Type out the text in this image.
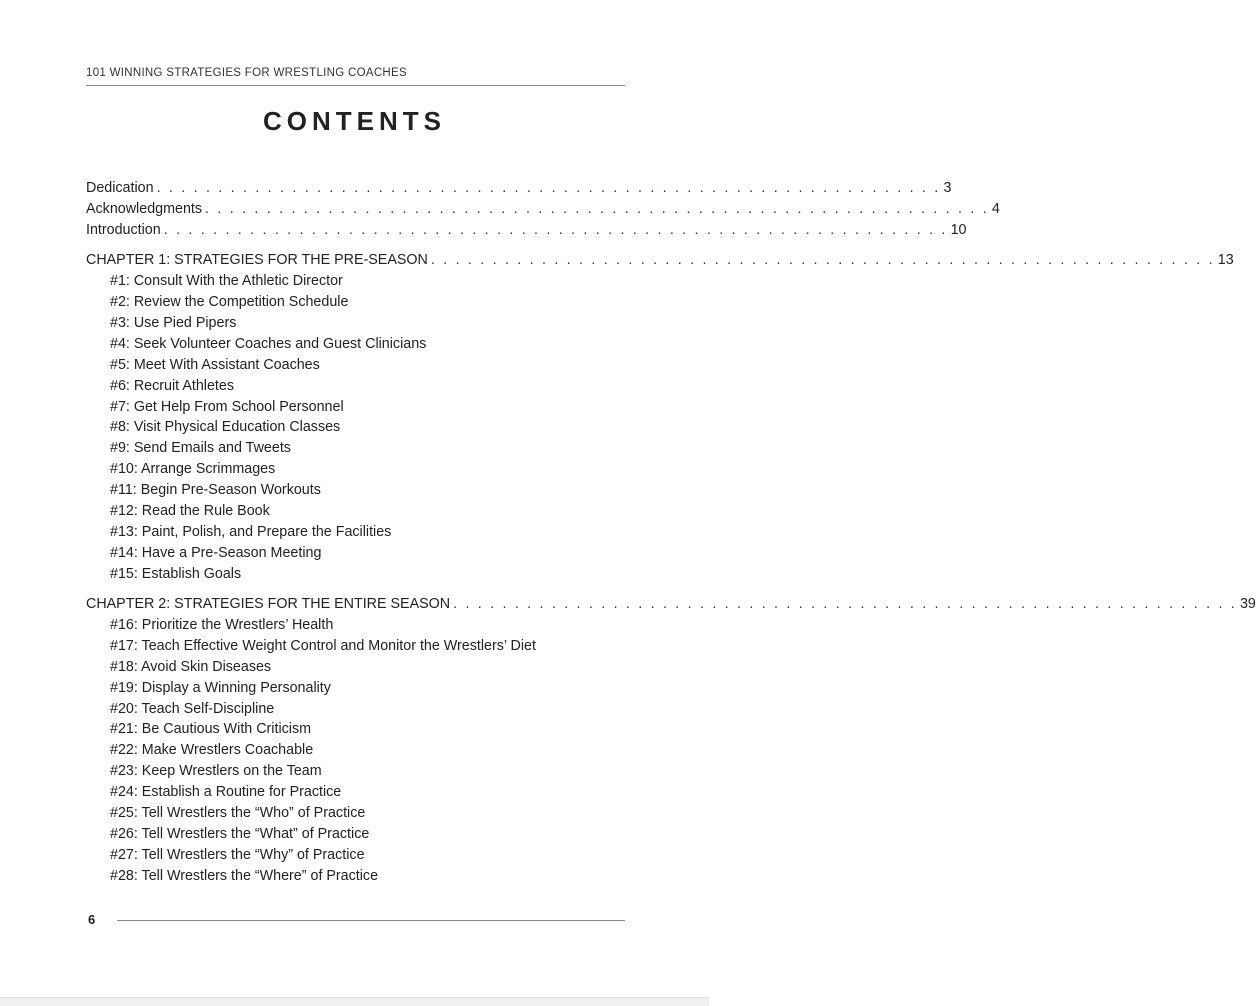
101 WINNING STRATEGIES FOR WRESTLING COACHES
CONTENTS
Dedication . . . . . . . . . . . . . . . . . . . . . . . . . . . . . . . . . . . . . . . . . . . . . . . . . . . . . . . . . . . . . . . . 3
Acknowledgments . . . . . . . . . . . . . . . . . . . . . . . . . . . . . . . . . . . . . . . . . . . . . . . . . . . . . . . . . . . . . . . . 4
Introduction . . . . . . . . . . . . . . . . . . . . . . . . . . . . . . . . . . . . . . . . . . . . . . . . . . . . . . . . . . . . . . . . 10
CHAPTER 1: STRATEGIES FOR THE PRE-SEASON . . . . . . . . . . . . . . . . . . . . . . . . . . . . . . . . . . . . . . . . . . . . . . . . . . . . . . . . . . . . . . . . 13
#1: Consult With the Athletic Director
#2: Review the Competition Schedule
#3: Use Pied Pipers
#4: Seek Volunteer Coaches and Guest Clinicians
#5: Meet With Assistant Coaches
#6: Recruit Athletes
#7: Get Help From School Personnel
#8: Visit Physical Education Classes
#9: Send Emails and Tweets
#10: Arrange Scrimmages
#11: Begin Pre-Season Workouts
#12: Read the Rule Book
#13: Paint, Polish, and Prepare the Facilities
#14: Have a Pre-Season Meeting
#15: Establish Goals
CHAPTER 2: STRATEGIES FOR THE ENTIRE SEASON . . . . . . . . . . . . . . . . . . . . . . . . . . . . . . . . . . . . . . . . . . . . . . . . . . . . . . . . . . . . . . . . 39
#16: Prioritize the Wrestlers’ Health
#17: Teach Effective Weight Control and Monitor the Wrestlers’ Diet
#18: Avoid Skin Diseases
#19: Display a Winning Personality
#20: Teach Self-Discipline
#21: Be Cautious With Criticism
#22: Make Wrestlers Coachable
#23: Keep Wrestlers on the Team
#24: Establish a Routine for Practice
#25: Tell Wrestlers the “Who” of Practice
#26: Tell Wrestlers the “What” of Practice
#27: Tell Wrestlers the “Why” of Practice
#28: Tell Wrestlers the “Where” of Practice
6
